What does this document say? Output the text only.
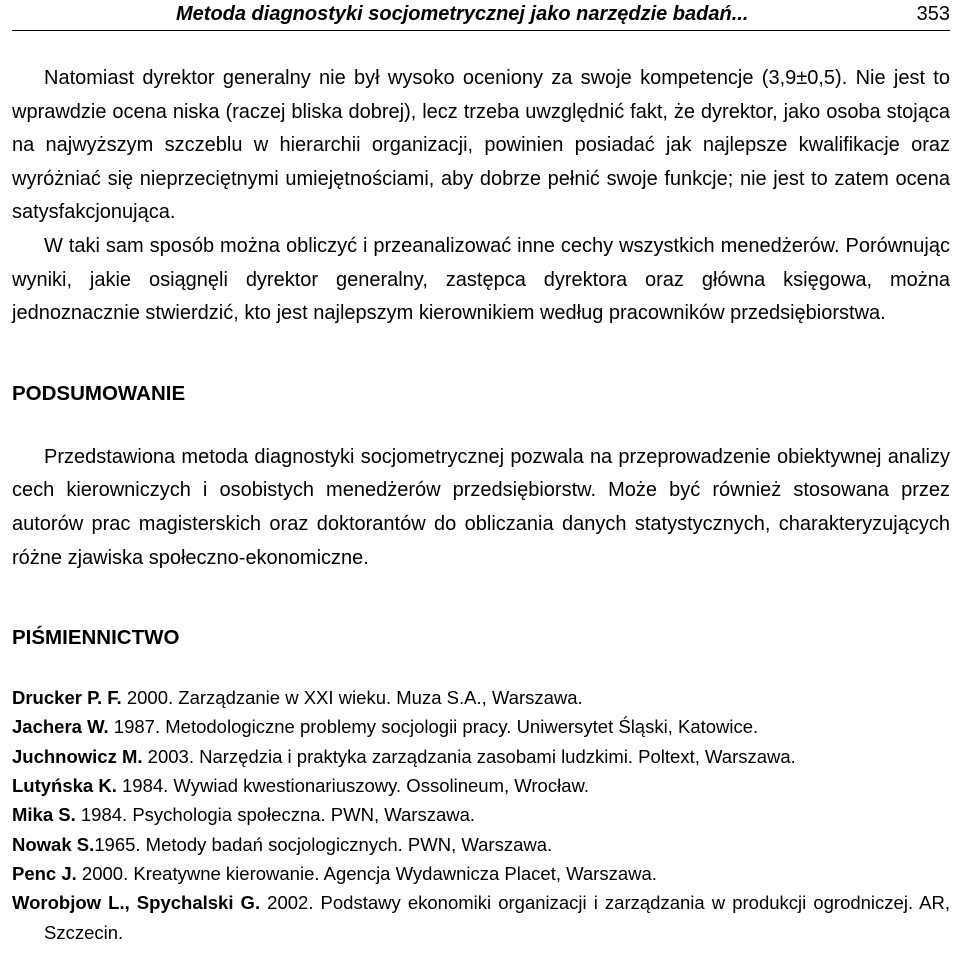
Metoda diagnostyki socjometrycznej jako narzędzie badań...	353

Natomiast dyrektor generalny nie był wysoko oceniony za swoje kompetencje (3,9±0,5). Nie jest to wprawdzie ocena niska (raczej bliska dobrej), lecz trzeba uwzględnić fakt, że dyrektor, jako osoba stojąca na najwyższym szczeblu w hierarchii organizacji, powinien posiadać jak najlepsze kwalifikacje oraz wyróżniać się nieprzeciętnymi umiejętnościami, aby dobrze pełnić swoje funkcje; nie jest to zatem ocena satysfakcjonująca.

W taki sam sposób można obliczyć i przeanalizować inne cechy wszystkich menedżerów. Porównując wyniki, jakie osiągnęli dyrektor generalny, zastępca dyrektora oraz główna księgowa, można jednoznacznie stwierdzić, kto jest najlepszym kierownikiem według pracowników przedsiębiorstwa.

PODSUMOWANIE

Przedstawiona metoda diagnostyki socjometrycznej pozwala na przeprowadzenie obiektywnej analizy cech kierowniczych i osobistych menedżerów przedsiębiorstw. Może być również stosowana przez autorów prac magisterskich oraz doktorantów do obliczania danych statystycznych, charakteryzujących różne zjawiska społeczno-ekonomiczne.

PIŚMIENNICTWO
Drucker P. F. 2000. Zarządzanie w XXI wieku. Muza S.A., Warszawa.
Jachera W. 1987. Metodologiczne problemy socjologii pracy. Uniwersytet Śląski, Katowice.
Juchnowicz M. 2003. Narzędzia i praktyka zarządzania zasobami ludzkimi. Poltext, Warszawa.
Lutyńska K. 1984. Wywiad kwestionariuszowy. Ossolineum, Wrocław.
Mika S. 1984. Psychologia społeczna. PWN, Warszawa.
Nowak S.1965. Metody badań socjologicznych. PWN, Warszawa.
Penc J. 2000. Kreatywne kierowanie. Agencja Wydawnicza Placet, Warszawa.
Worobjow L., Spychalski G. 2002. Podstawy ekonomiki organizacji i zarządzania w produkcji ogrodniczej. AR, Szczecin.
